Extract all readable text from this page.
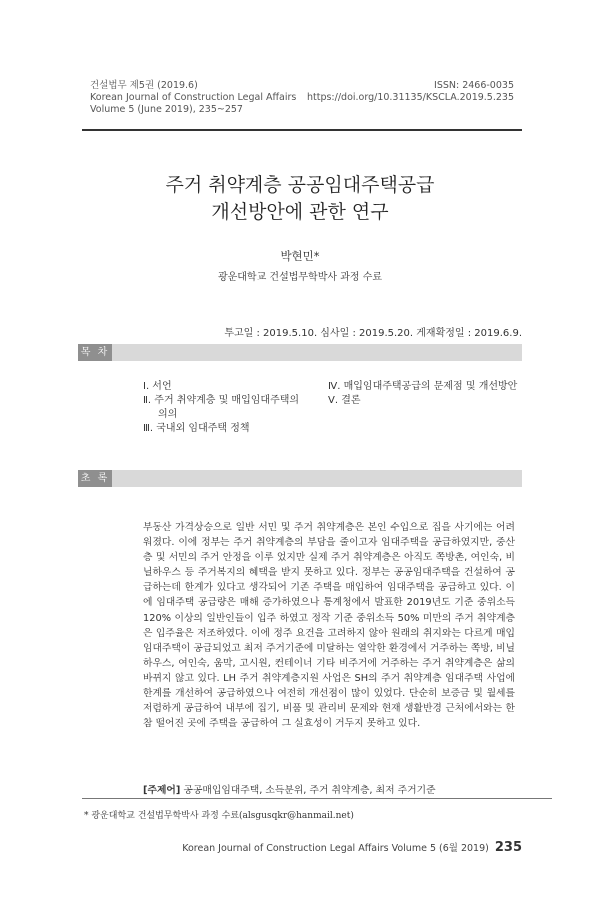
건설법무 제5권 (2019.6)
Korean Journal of Construction Legal Affairs
Volume 5 (June 2019), 235~257
ISSN: 2466-0035
https://doi.org/10.31135/KSCLA.2019.5.235
주거 취약계층 공공임대주택공급
개선방안에 관한 연구
박현민*
광운대학교 건설법무학박사 과정 수료
투고일 : 2019.5.10. 심사일 : 2019.5.20. 게재확정일 : 2019.6.9.
목 차
Ⅰ. 서언
Ⅱ. 주거 취약계층 및 매입임대주택의
의의
Ⅲ. 국내외 임대주택 정책
Ⅳ. 매입임대주택공급의 문제점 및 개선방안
Ⅴ. 결론
초 록
부동산 가격상승으로 일반 서민 및 주거 취약계층은 본인 수입으로 집을 사기에는 어려워졌다. 이에 정부는 주거 취약계층의 부담을 줄이고자 임대주택을 공급하였지만, 중산층 및 서민의 주거 안정을 이루 었지만 실제 주거 취약계층은 아직도 쪽방촌, 여인숙, 비닐하우스 등 주거복지의 혜택을 받지 못하고 있다. 정부는 공공임대주택을 건설하여 공급하는데 한계가 있다고 생각되어 기존 주택을 매입하여 임대주택을 공급하고 있다. 이에 임대주택 공급량은 매해 증가하였으나 통계청에서 발표한 2019년도 기준 중위소득 120% 이상의 일반인들이 입주 하였고 정작 기준 중위소득 50% 미만의 주거 취약계층은 입주율은 저조하였다. 이에 정주 요건을 고려하지 않아 원래의 취지와는 다르게 매입임대주택이 공급되었고 최저 주거기준에 미달하는 열악한 환경에서 거주하는 쪽방, 비닐하우스, 여인숙, 움막, 고시원, 컨테이너 기타 비주거에 거주하는 주거 취약계층은 삶의 바뀌지 않고 있다. LH 주거 취약계층지원 사업은 SH의 주거 취약계층 임대주택 사업에 한계를 개선하여 공급하였으나 여전히 개선점이 많이 있었다. 단순히 보증금 및 월세를 저렴하게 공급하여 내부에 집기, 비품 및 관리비 문제와 현재 생활반경 근처에서와는 한참 떨어진 곳에 주택을 공급하여 그 실효성이 거두지 못하고 있다.
[주제어] 공공매입임대주택, 소득분위, 주거 취약계층, 최저 주거기준
* 광운대학교 건설법무학박사 과정 수료(alsgusqkr@hanmail.net)
Korean Journal of Construction Legal Affairs Volume 5 (6월 2019) 235
